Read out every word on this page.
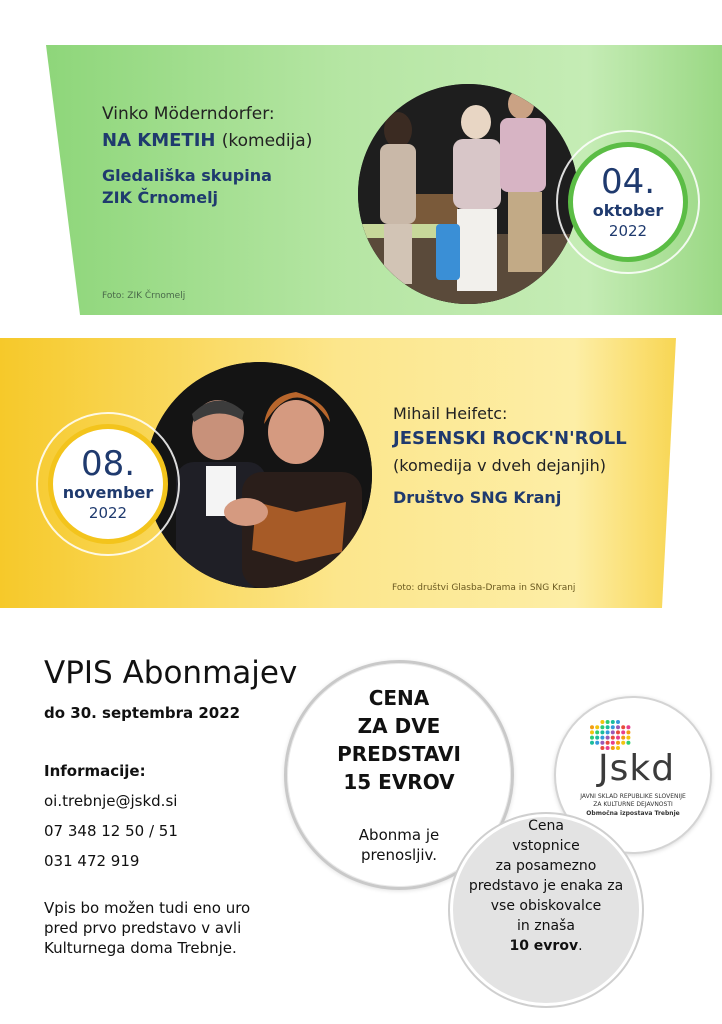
Vinko Möderndorfer:
NA KMETIH (komedija)
Gledališka skupina
ZIK Črnomelj
Foto: ZIK Črnomelj
04.
oktober
2022
08.
november
2022
Mihail Heifetc:
JESENSKI ROCK'N'ROLL
(komedija v dveh dejanjih)
Društvo SNG Kranj
Foto: društvi Glasba-Drama in SNG Kranj
VPIS Abonmajev
do 30. septembra 2022
Informacije:
oi.trebnje@jskd.si
07 348 12 50 / 51
031 472 919
Vpis bo možen tudi eno uro pred prvo predstavo v avli Kulturnega doma Trebnje.
CENA
ZA DVE
PREDSTAVI
15 EVROV
Abonma je
prenosljiv.
Jskd
JAVNI SKLAD REPUBLIKE SLOVENIJE
ZA KULTURNE DEJAVNOSTI
Območna izpostava Trebnje
Cena
vstopnice
za posamezno
predstavo je enaka za
vse obiskovalce
in znaša
10 evrov.
